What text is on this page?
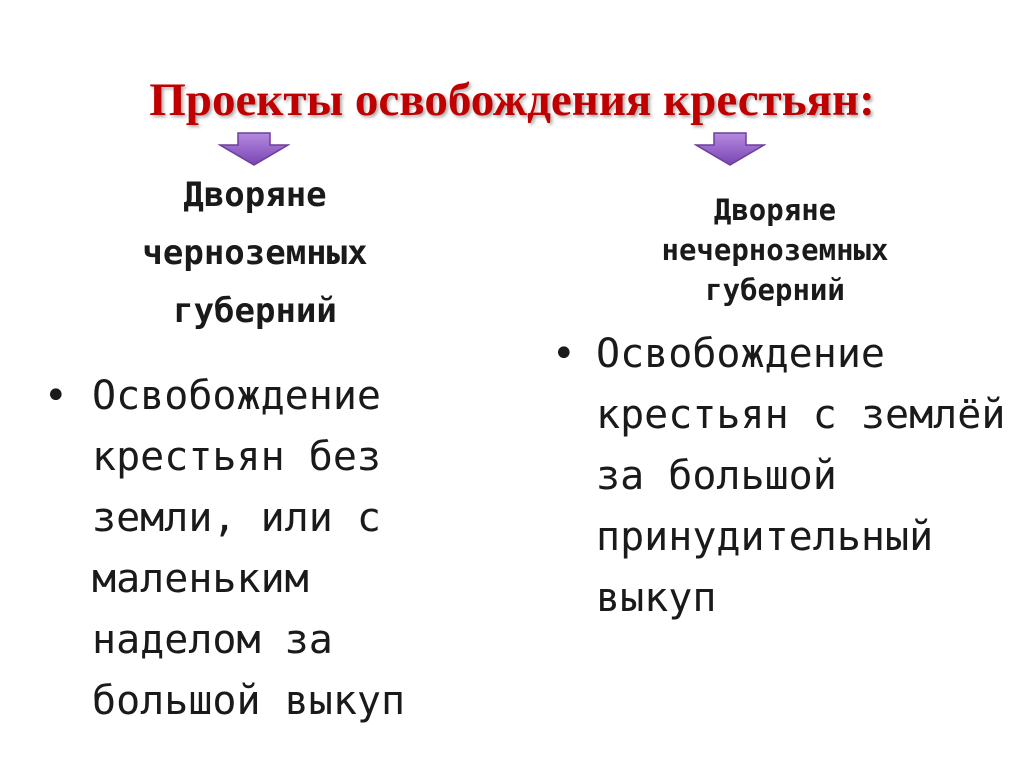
Проекты освобождения крестьян:
Дворяне
черноземных
губерний
• Освобождение
крестьян без
земли, или с
маленьким
наделом за
большой выкуп
Дворяне
нечерноземных
губерний
• Освобождение
крестьян с землёй
за большой
принудительный
выкуп
